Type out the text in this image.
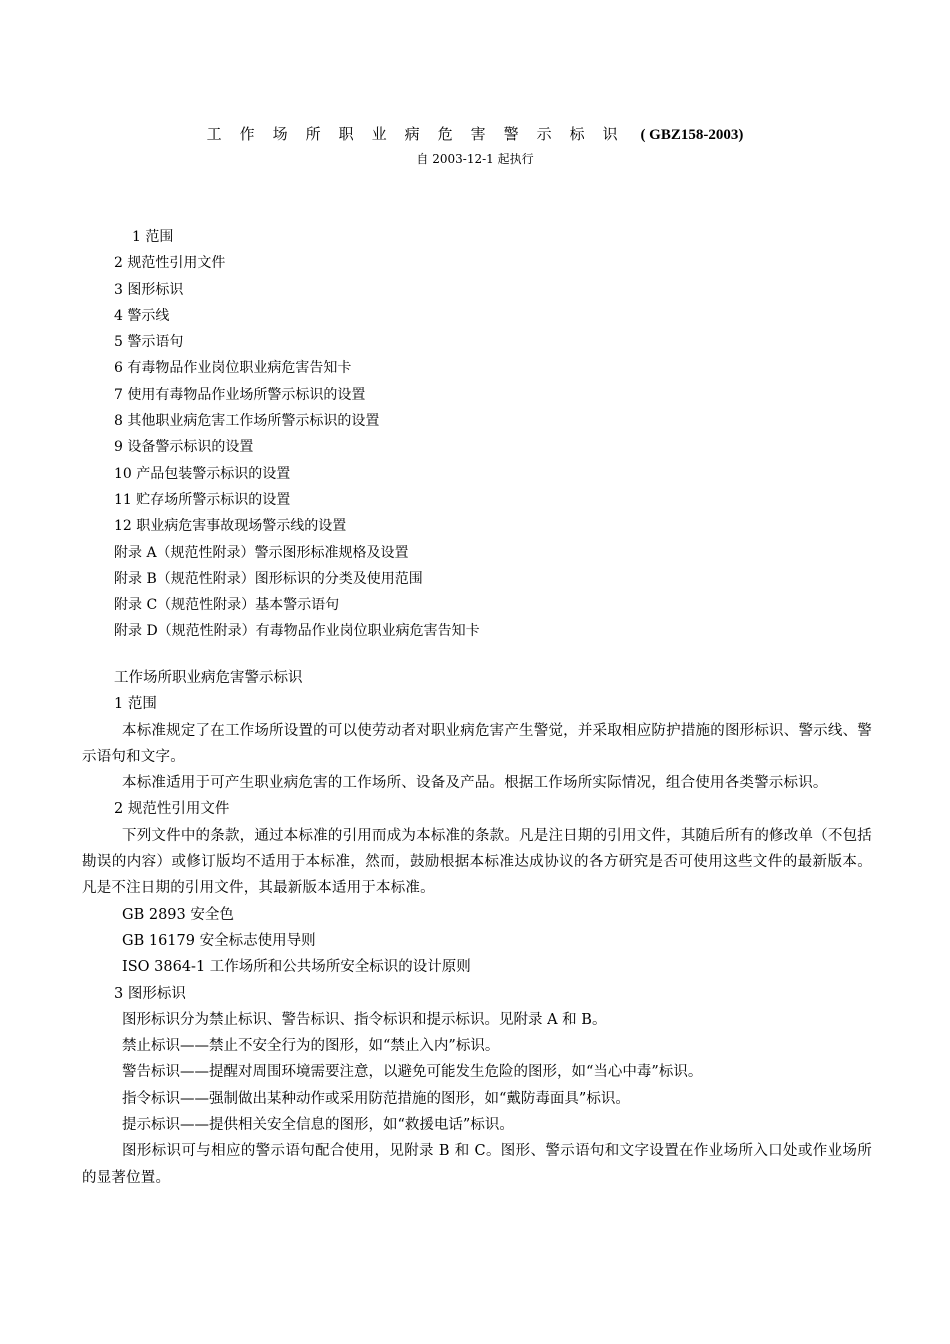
工作场所职业病危害警示标识 ( GBZ158-2003)
自 2003-12-1 起执行
1 范围
2 规范性引用文件
3 图形标识
4 警示线
5 警示语句
6 有毒物品作业岗位职业病危害告知卡
7 使用有毒物品作业场所警示标识的设置
8 其他职业病危害工作场所警示标识的设置
9 设备警示标识的设置
10 产品包装警示标识的设置
11 贮存场所警示标识的设置
12 职业病危害事故现场警示线的设置
附录 A（规范性附录）警示图形标准规格及设置
附录 B（规范性附录）图形标识的分类及使用范围
附录 C（规范性附录）基本警示语句
附录 D（规范性附录）有毒物品作业岗位职业病危害告知卡
工作场所职业病危害警示标识
1 范围

本标准规定了在工作场所设置的可以使劳动者对职业病危害产生警觉，并采取相应防护措施的图形标识、警示线、警示语句和文字。

本标准适用于可产生职业病危害的工作场所、设备及产品。根据工作场所实际情况，组合使用各类警示标识。

2 规范性引用文件

下列文件中的条款，通过本标准的引用而成为本标准的条款。凡是注日期的引用文件，其随后所有的修改单（不包括勘误的内容）或修订版均不适用于本标准，然而，鼓励根据本标准达成协议的各方研究是否可使用这些文件的最新版本。凡是不注日期的引用文件，其最新版本适用于本标准。

GB 2893 安全色
GB 16179 安全标志使用导则
ISO 3864-1 工作场所和公共场所安全标识的设计原则
3 图形标识
图形标识分为禁止标识、警告标识、指令标识和提示标识。见附录 A 和 B。
禁止标识——禁止不安全行为的图形，如“禁止入内”标识。
警告标识——提醒对周围环境需要注意，以避免可能发生危险的图形，如“当心中毒”标识。
指令标识——强制做出某种动作或采用防范措施的图形，如“戴防毒面具”标识。
提示标识——提供相关安全信息的图形，如“救援电话”标识。

图形标识可与相应的警示语句配合使用，见附录 B 和 C。图形、警示语句和文字设置在作业场所入口处或作业场所的显著位置。
